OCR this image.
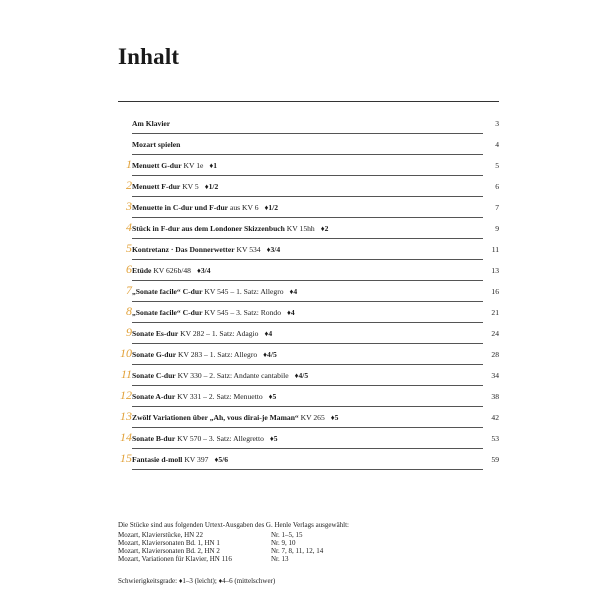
Inhalt
Am Klavier	3
Mozart spielen	4
1 Menuett G-dur KV 1e ♦1	5
2 Menuett F-dur KV 5 ♦1/2	6
3 Menuette in C-dur und F-dur aus KV 6 ♦1/2	7
4 Stück in F-dur aus dem Londoner Skizzenbuch KV 15hh ♦2	9
5 Kontretanz · Das Donnerwetter KV 534 ♦3/4	11
6 Etüde KV 626b/48 ♦3/4	13
7 „Sonate facile“ C-dur KV 545 – 1. Satz: Allegro ♦4	16
8 „Sonate facile“ C-dur KV 545 – 3. Satz: Rondo ♦4	21
9 Sonate Es-dur KV 282 – 1. Satz: Adagio ♦4	24
10 Sonate G-dur KV 283 – 1. Satz: Allegro ♦4/5	28
11 Sonate C-dur KV 330 – 2. Satz: Andante cantabile ♦4/5	34
12 Sonate A-dur KV 331 – 2. Satz: Menuetto ♦5	38
13 Zwölf Variationen über „Ah, vous dirai-je Maman“ KV 265 ♦5	42
14 Sonate B-dur KV 570 – 3. Satz: Allegretto ♦5	53
15 Fantasie d-moll KV 397 ♦5/6	59
Die Stücke sind aus folgenden Urtext-Ausgaben des G. Henle Verlags ausgewählt:
Mozart, Klavierstücke, HN 22	Nr. 1–5, 15
Mozart, Klaviersonaten Bd. 1, HN 1	Nr. 9, 10
Mozart, Klaviersonaten Bd. 2, HN 2	Nr. 7, 8, 11, 12, 14
Mozart, Variationen für Klavier, HN 116	Nr. 13
Schwierigkeitsgrade: ♦1–3 (leicht); ♦4–6 (mittelschwer)
